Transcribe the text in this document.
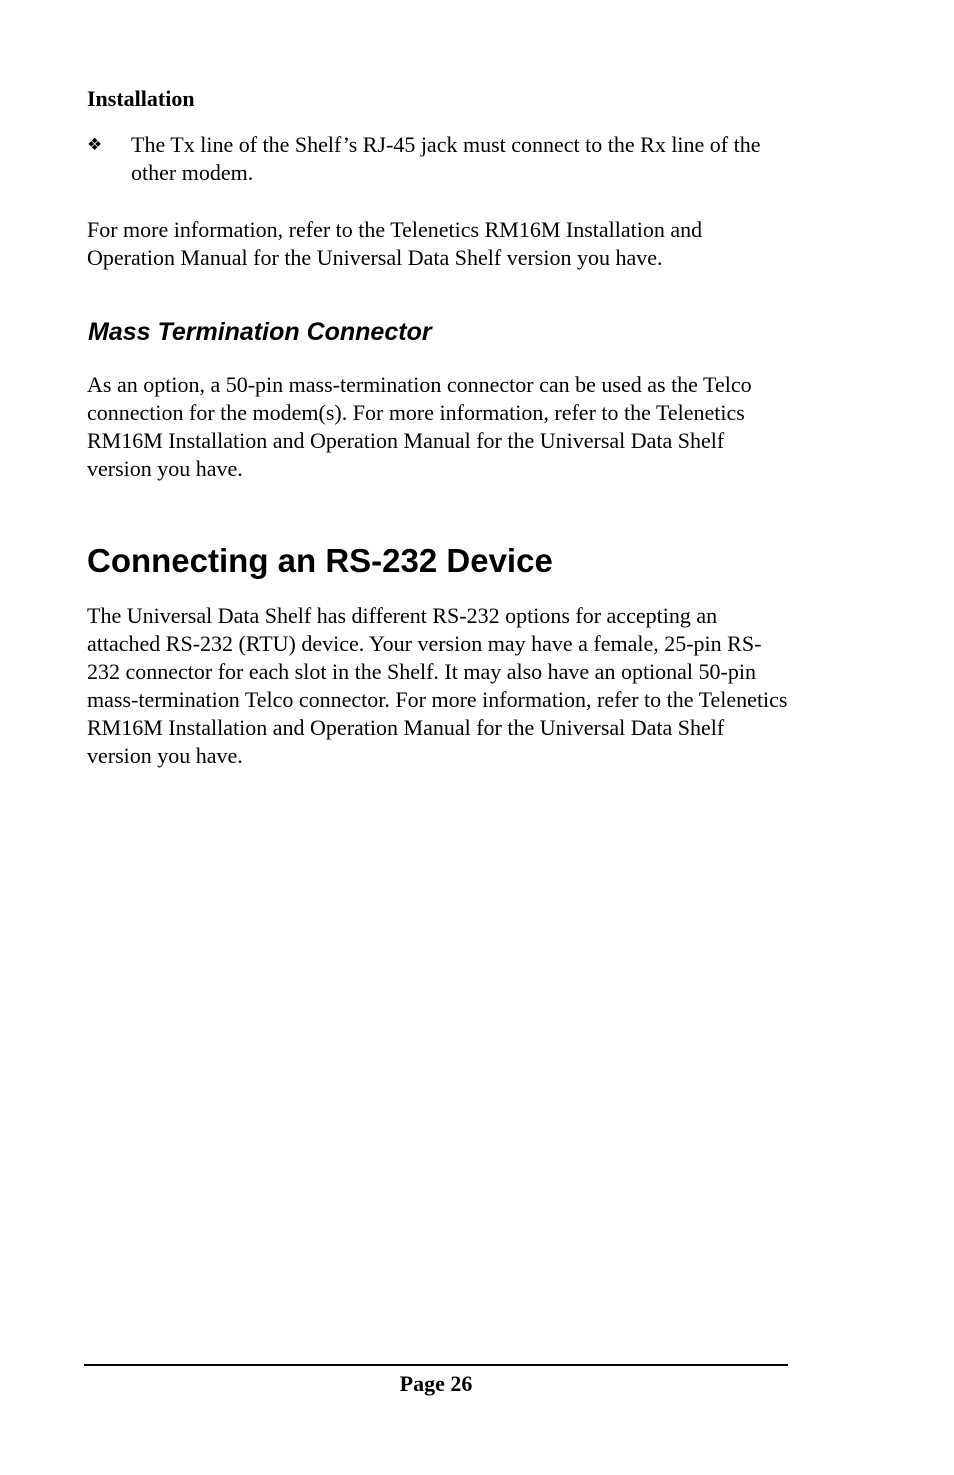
Installation

❖	The Tx line of the Shelf’s RJ-45 jack must connect to the Rx line of the other modem.

For more information, refer to the Telenetics RM16M Installation and Operation Manual for the Universal Data Shelf version you have.

Mass Termination Connector

As an option, a 50-pin mass-termination connector can be used as the Telco connection for the modem(s). For more information, refer to the Telenetics RM16M Installation and Operation Manual for the Universal Data Shelf version you have.

Connecting an RS-232 Device

The Universal Data Shelf has different RS-232 options for accepting an attached RS-232 (RTU) device. Your version may have a female, 25-pin RS-232 connector for each slot in the Shelf. It may also have an optional 50-pin mass-termination Telco connector. For more information, refer to the Telenetics RM16M Installation and Operation Manual for the Universal Data Shelf version you have.

Page 26
